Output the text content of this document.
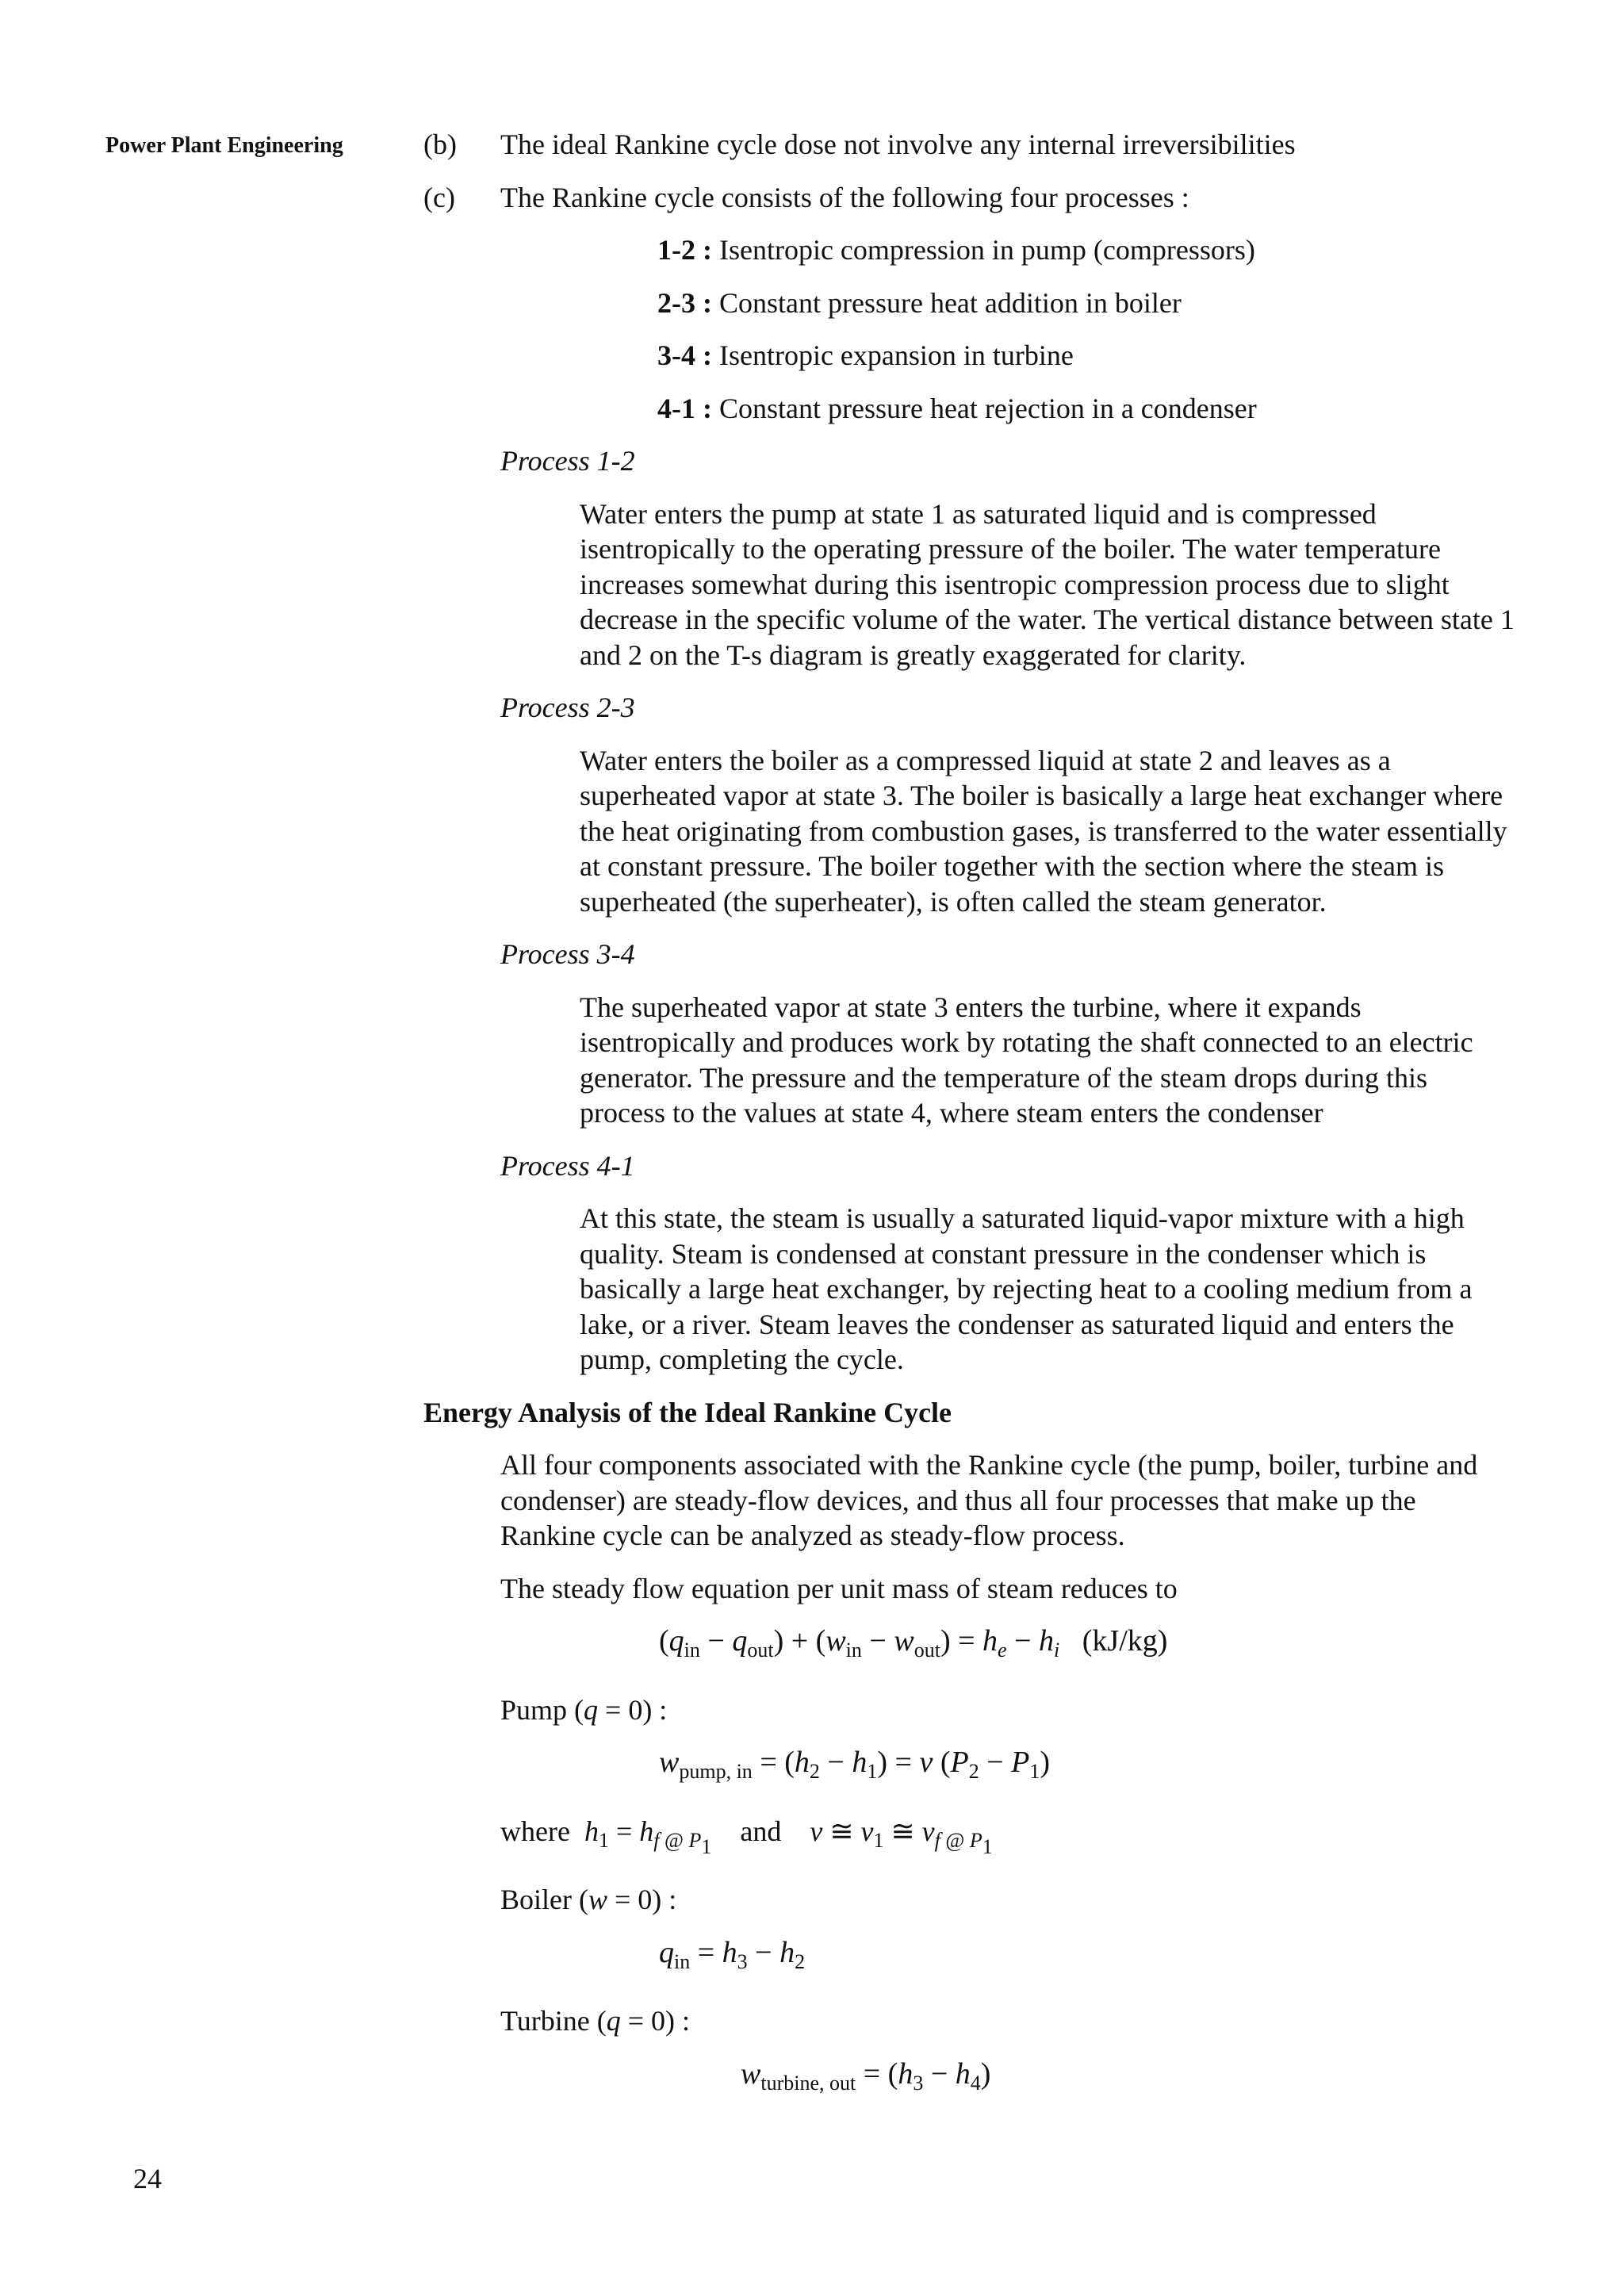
Power Plant Engineering	(b) The ideal Rankine cycle dose not involve any internal irreversibilities
(c) The Rankine cycle consists of the following four processes :
1-2 : Isentropic compression in pump (compressors)
2-3 : Constant pressure heat addition in boiler
3-4 : Isentropic expansion in turbine
4-1 : Constant pressure heat rejection in a condenser
Process 1-2
Water enters the pump at state 1 as saturated liquid and is compressed isentropically to the operating pressure of the boiler. The water temperature increases somewhat during this isentropic compression process due to slight decrease in the specific volume of the water. The vertical distance between state 1 and 2 on the T-s diagram is greatly exaggerated for clarity.
Process 2-3
Water enters the boiler as a compressed liquid at state 2 and leaves as a superheated vapor at state 3. The boiler is basically a large heat exchanger where the heat originating from combustion gases, is transferred to the water essentially at constant pressure. The boiler together with the section where the steam is superheated (the superheater), is often called the steam generator.
Process 3-4
The superheated vapor at state 3 enters the turbine, where it expands isentropically and produces work by rotating the shaft connected to an electric generator. The pressure and the temperature of the steam drops during this process to the values at state 4, where steam enters the condenser
Process 4-1
At this state, the steam is usually a saturated liquid-vapor mixture with a high quality. Steam is condensed at constant pressure in the condenser which is basically a large heat exchanger, by rejecting heat to a cooling medium from a lake, or a river. Steam leaves the condenser as saturated liquid and enters the pump, completing the cycle.
Energy Analysis of the Ideal Rankine Cycle
All four components associated with the Rankine cycle (the pump, boiler, turbine and condenser) are steady-flow devices, and thus all four processes that make up the Rankine cycle can be analyzed as steady-flow process.
The steady flow equation per unit mass of steam reduces to
$(q_{in} - q_{out}) + (w_{in} - w_{out}) = h_e - h_i$ (kJ/kg)
Pump (q = 0) :
$w_{pump, in} = (h_2 - h_1) = v$ $(P_2 - P_1)$
where $h_1 = h_{f @ P_1}$ and v ≅ $v_1$ ≅ $v_{f @ P_1}$
Boiler (w = 0) :
$q_{in} = h_3 - h_2$
Turbine (q = 0) :
$w_{turbine, out} = (h_3 - h_4)$
24
